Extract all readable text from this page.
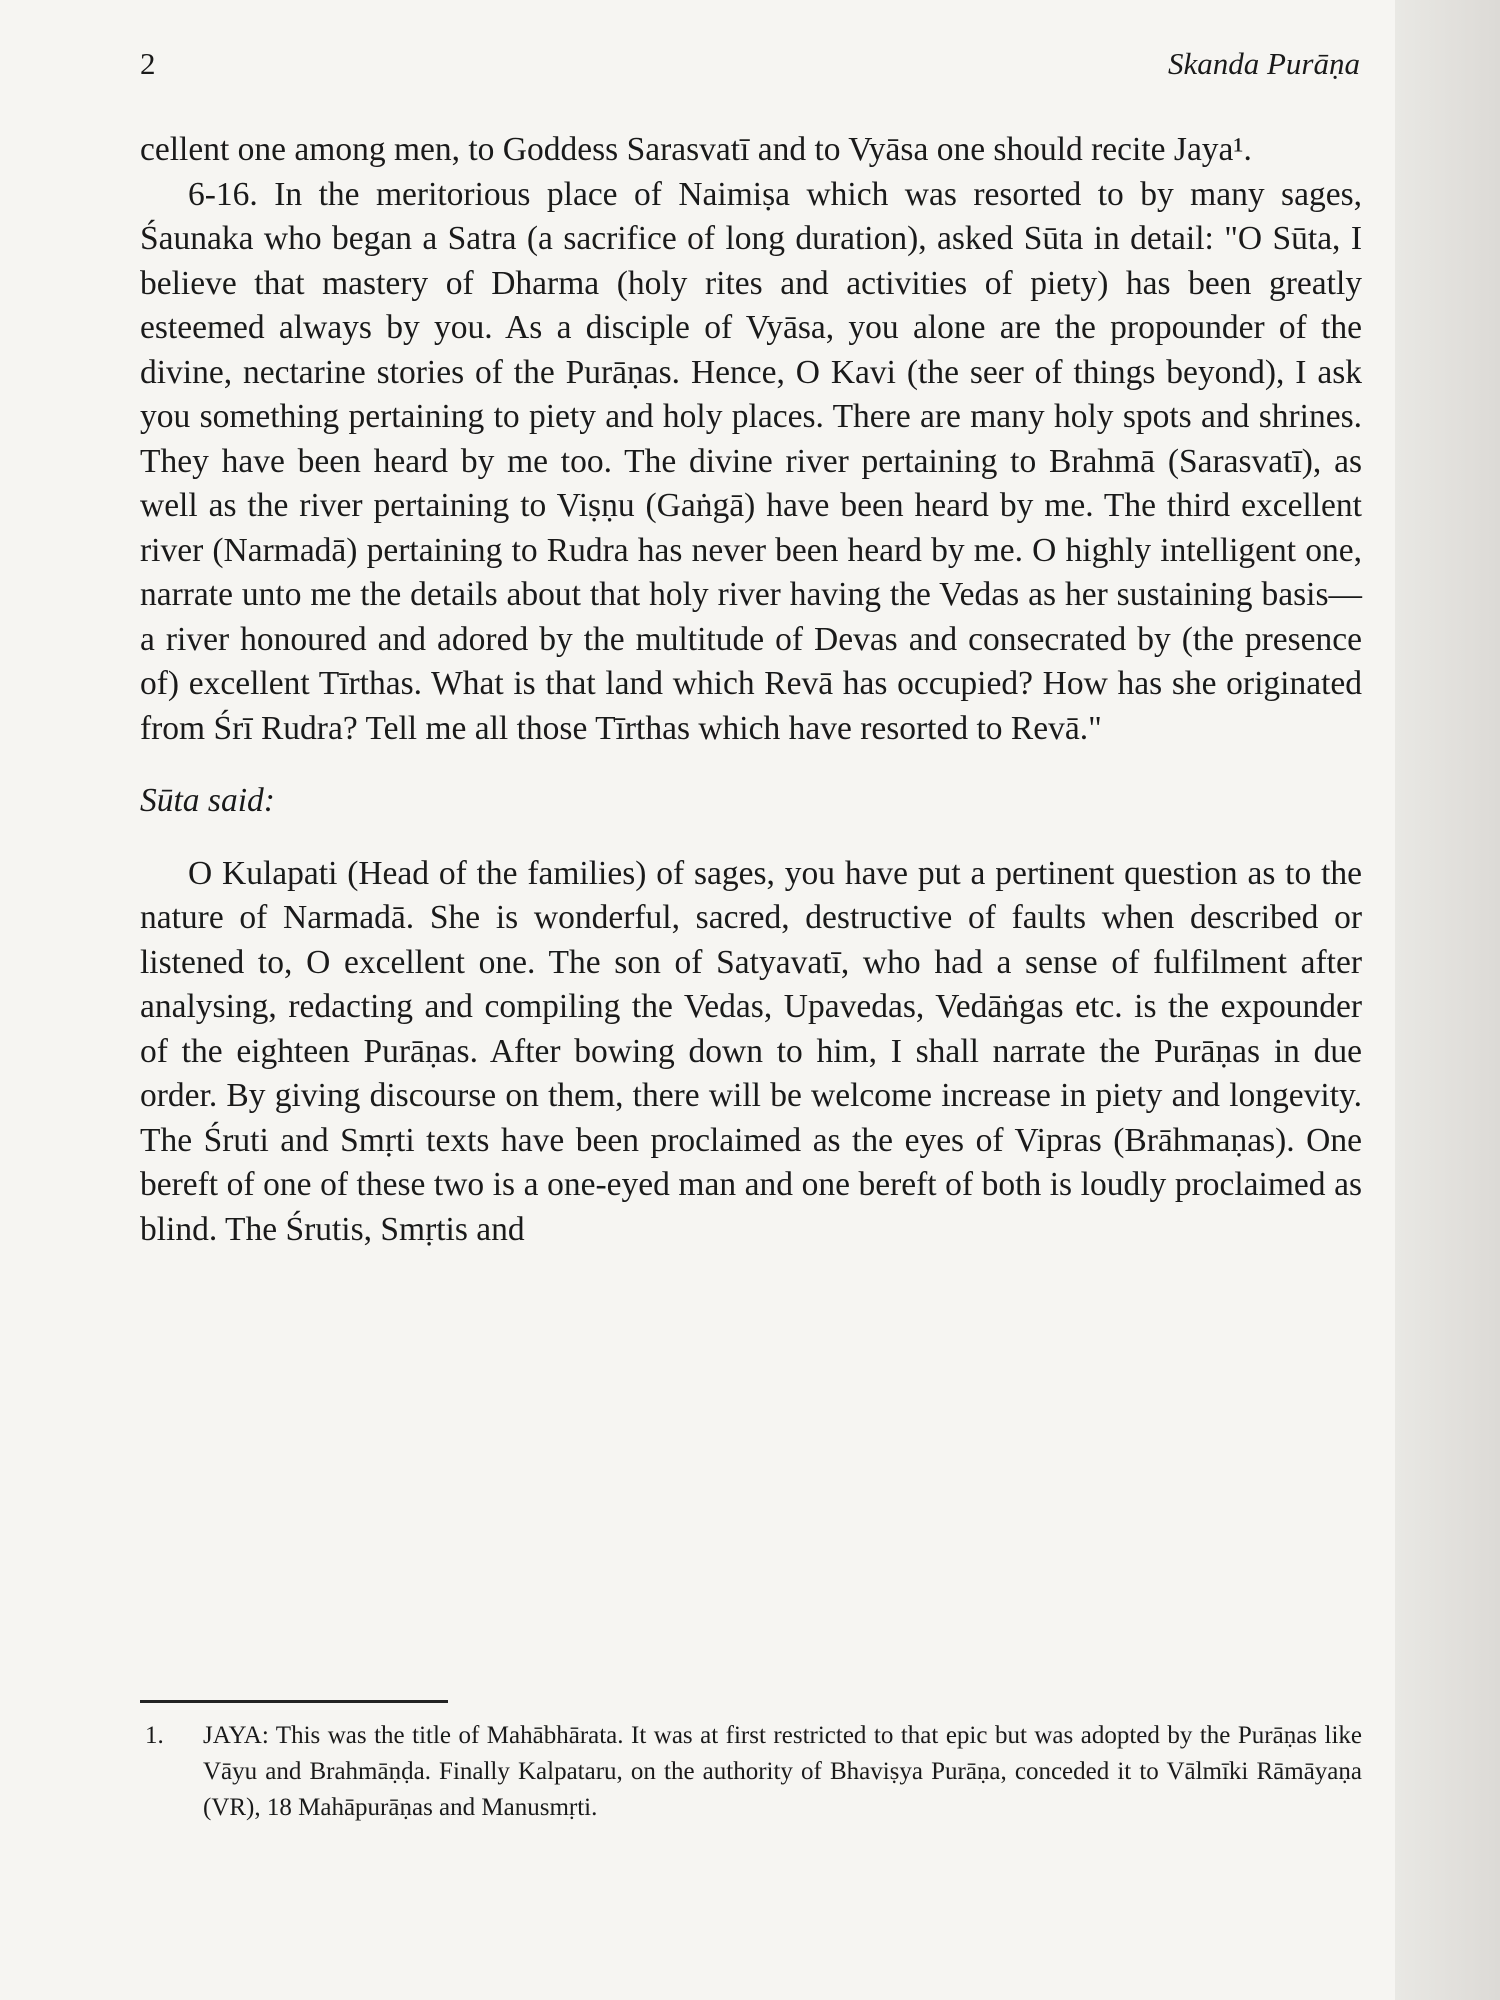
2	Skanda Purāṇa

cellent one among men, to Goddess Sarasvatī and to Vyāsa one should recite Jaya¹.

6-16. In the meritorious place of Naimiṣa which was resorted to by many sages, Śaunaka who began a Satra (a sacrifice of long duration), asked Sūta in detail: "O Sūta, I believe that mastery of Dharma (holy rites and activities of piety) has been greatly esteemed always by you. As a disciple of Vyāsa, you alone are the propounder of the divine, nectarine stories of the Purāṇas. Hence, O Kavi (the seer of things beyond), I ask you something pertaining to piety and holy places. There are many holy spots and shrines. They have been heard by me too. The divine river pertaining to Brahmā (Sarasvatī), as well as the river pertaining to Viṣṇu (Gaṅgā) have been heard by me. The third excellent river (Narmadā) pertaining to Rudra has never been heard by me. O highly intelligent one, narrate unto me the details about that holy river having the Vedas as her sustaining basis—a river honoured and adored by the multitude of Devas and consecrated by (the presence of) excellent Tīrthas. What is that land which Revā has occupied? How has she originated from Śrī Rudra? Tell me all those Tīrthas which have resorted to Revā."

Sūta said:

O Kulapati (Head of the families) of sages, you have put a pertinent question as to the nature of Narmadā. She is wonderful, sacred, destructive of faults when described or listened to, O excellent one. The son of Satyavatī, who had a sense of fulfilment after analysing, redacting and compiling the Vedas, Upavedas, Vedāṅgas etc. is the expounder of the eighteen Purāṇas. After bowing down to him, I shall narrate the Purāṇas in due order. By giving discourse on them, there will be welcome increase in piety and longevity. The Śruti and Smṛti texts have been proclaimed as the eyes of Vipras (Brāhmaṇas). One bereft of one of these two is a one-eyed man and one bereft of both is loudly proclaimed as blind. The Śrutis, Smṛtis and

1. JAYA: This was the title of Mahābhārata. It was at first restricted to that epic but was adopted by the Purāṇas like Vāyu and Brahmāṇḍa. Finally Kalpataru, on the authority of Bhaviṣya Purāṇa, conceded it to Vālmīki Rāmāyaṇa (VR), 18 Mahāpurāṇas and Manusmṛti.
